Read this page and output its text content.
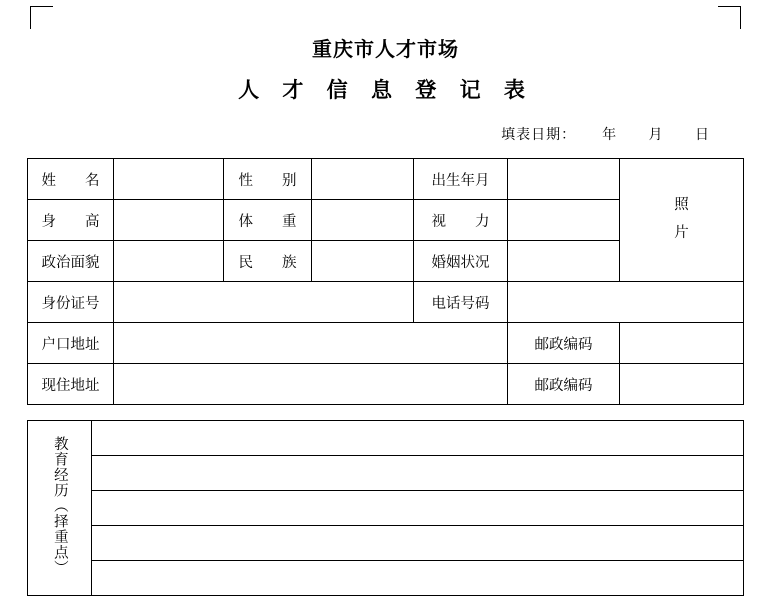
重庆市人才市场
人 才 信 息 登 记 表
填表日期： 年 月 日
姓　　名		性　　别		出生年月		照
片

身　　高		体　　重		视　　力		
政治面貌		民　　族		婚姻状况		
身份证号				电话号码		
户口地址					邮政编码	
现住地址					邮政编码	
教育经历（择重点）	
